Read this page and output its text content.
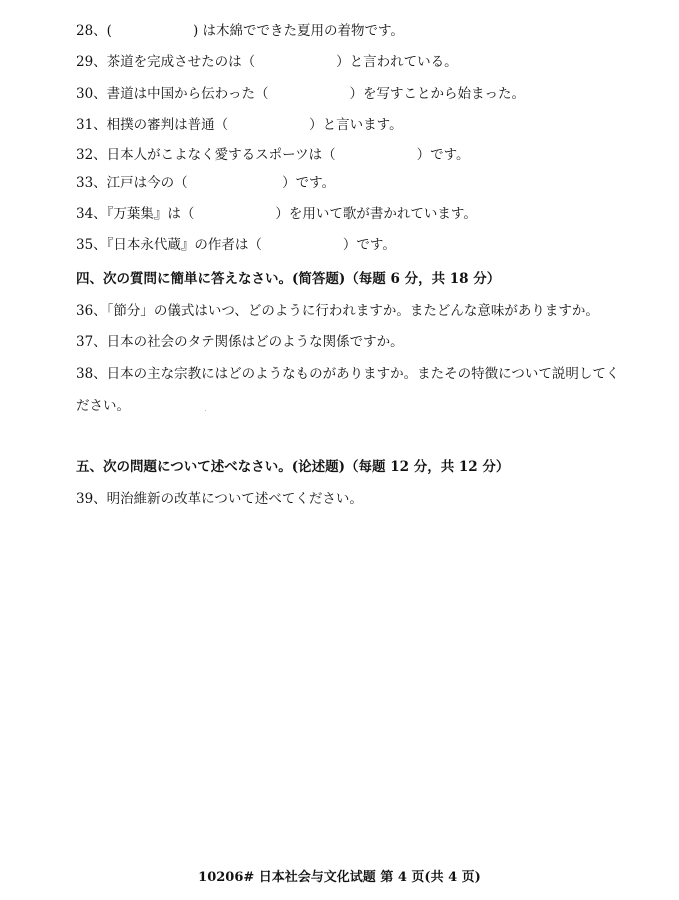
28、(　　　　　　) は木綿でできた夏用の着物です。
29、茶道を完成させたのは（　　　　　　）と言われている。
30、書道は中国から伝わった（　　　　　　）を写すことから始まった。
31、相撲の審判は普通（　　　　　　）と言います。
32、日本人がこよなく愛するスポーツは（　　　　　　）です。
33、江戸は今の（　　　　　　　）です。
34、『万葉集』は（　　　　　　）を用いて歌が書かれています。
35、『日本永代蔵』の作者は（　　　　　　）です。
四、次の質問に簡単に答えなさい。(简答题)（每题 6 分，共 18 分）
36、「節分」の儀式はいつ、どのように行われますか。またどんな意味がありますか。
37、日本の社会のタテ関係はどのような関係ですか。
38、日本の主な宗教にはどのようなものがありますか。またその特徴について説明してく
ださい。
五、次の問題について述べなさい。(论述题)（每题 12 分，共 12 分）
39、明治維新の改革について述べてください。
10206# 日本社会与文化试题 第 4 页(共 4 页)
